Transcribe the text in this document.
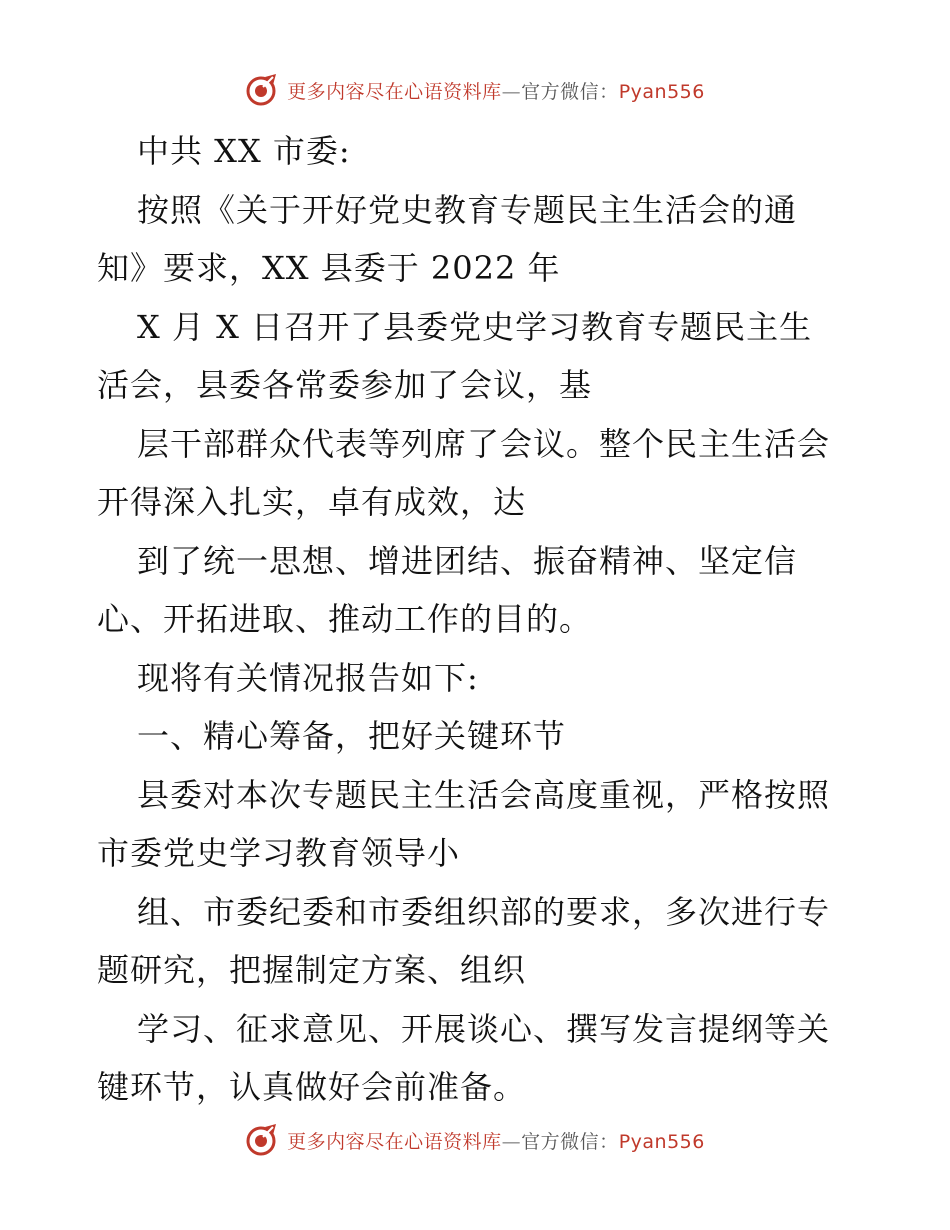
更多内容尽在心语资料库—官方微信：Pyan556
中共 XX 市委:
按照《关于开好党史教育专题民主生活会的通
知》要求，XX 县委于 2022 年
X 月 X 日召开了县委党史学习教育专题民主生
活会，县委各常委参加了会议，基
层干部群众代表等列席了会议。整个民主生活会
开得深入扎实，卓有成效，达
到了统一思想、增进团结、振奋精神、坚定信
心、开拓进取、推动工作的目的。
现将有关情况报告如下:
一、精心筹备，把好关键环节
县委对本次专题民主生活会高度重视，严格按照
市委党史学习教育领导小
组、市委纪委和市委组织部的要求，多次进行专
题研究，把握制定方案、组织
学习、征求意见、开展谈心、撰写发言提纲等关
键环节，认真做好会前准备。
更多内容尽在心语资料库—官方微信：Pyan556
